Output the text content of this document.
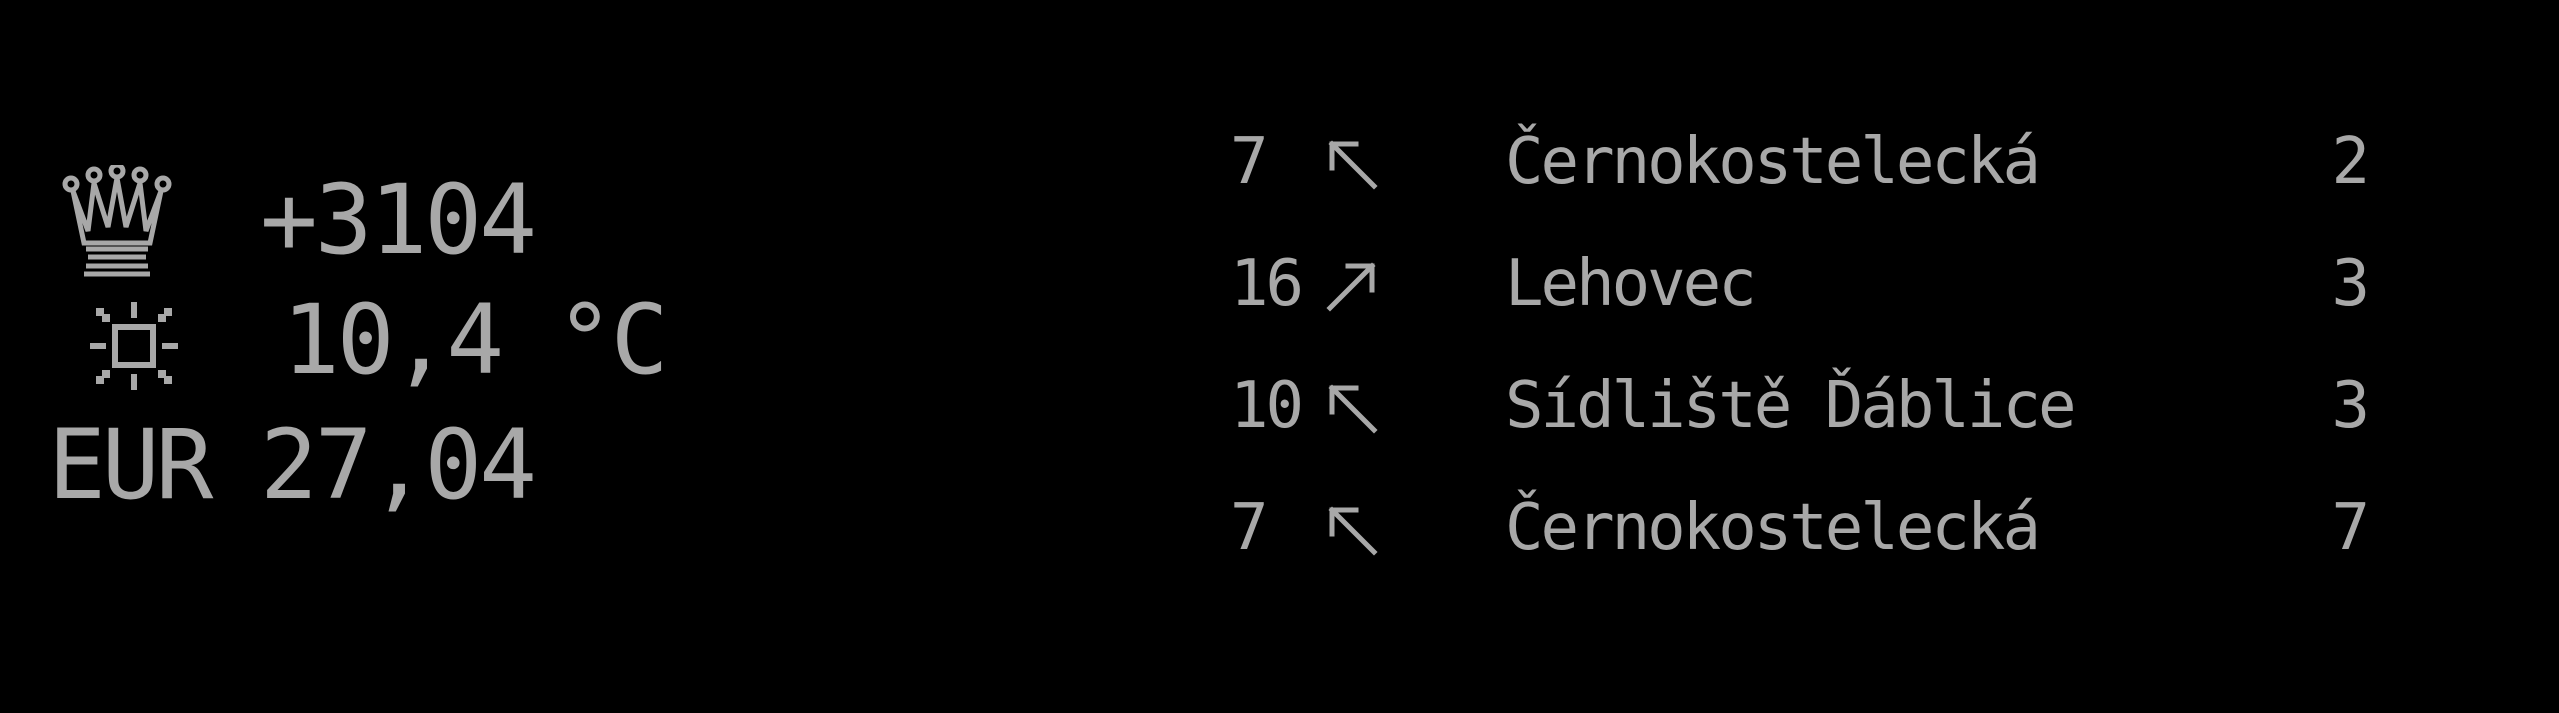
+3104
10,4 °C
EUR 27,04
7	Černokostelecká	2
16	Lehovec	3
10	Sídliště Ďáblice	3
7	Černokostelecká	7
